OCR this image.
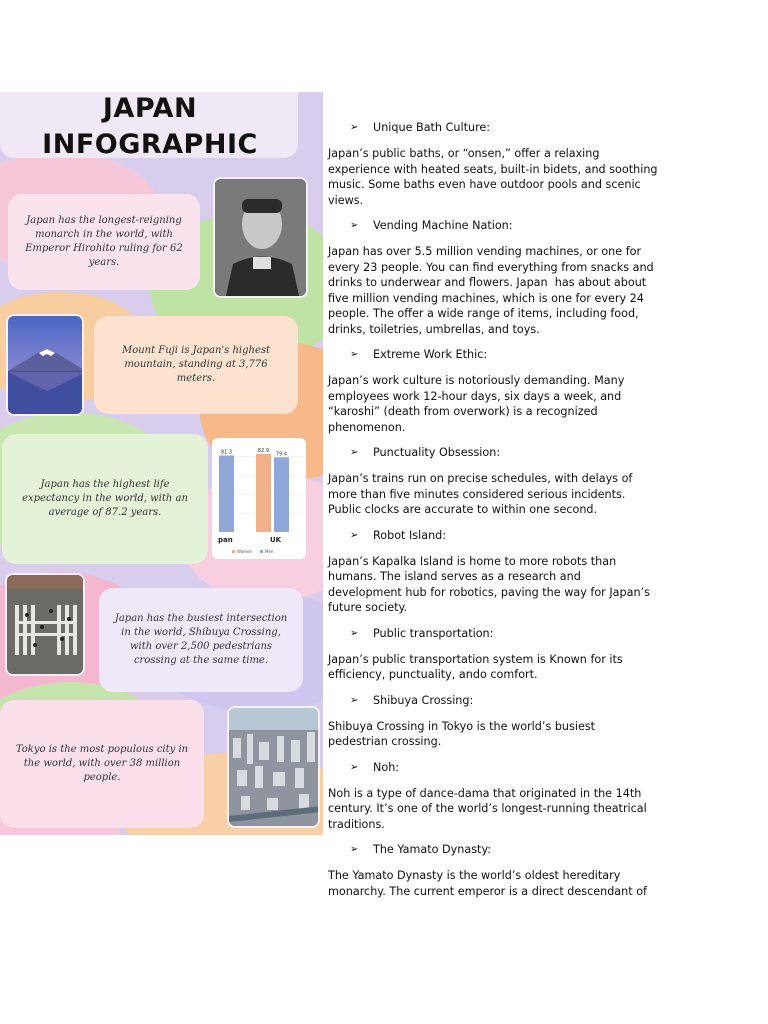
JAPAN
INFOGRAPHIC
Japan has the longest-reigning monarch in the world, with Emperor Hirohito ruling for 62 years.
Mount Fuji is Japan's highest mountain, standing at 3,776 meters.
Japan has the highest life expectancy in the world, with an average of 87.2 years.
81.3	82.9
79.4
pan	UK
Women	Men
Japan has the busiest intersection in the world, Shibuya Crossing, with over 2,500 pedestrians crossing at the same time.
Tokyo is the most populous city in the world, with over 38 million people.
➢	Unique Bath Culture:
Japan’s public baths, or “onsen,” offer a relaxing
experience with heated seats, built-in bidets, and soothing
music. Some baths even have outdoor pools and scenic
views.
➢	Vending Machine Nation:
Japan has over 5.5 million vending machines, or one for
every 23 people. You can find everything from snacks and
drinks to underwear and flowers. Japan  has about about
five million vending machines, which is one for every 24
people. The offer a wide range of items, including food,
drinks, toiletries, umbrellas, and toys.
➢	Extreme Work Ethic:
Japan’s work culture is notoriously demanding. Many
employees work 12-hour days, six days a week, and
“karoshi” (death from overwork) is a recognized
phenomenon.
➢	Punctuality Obsession:
Japan’s trains run on precise schedules, with delays of
more than five minutes considered serious incidents.
Public clocks are accurate to within one second.
➢	Robot Island:
Japan’s Kapalka Island is home to more robots than
humans. The island serves as a research and
development hub for robotics, paving the way for Japan’s
future society.
➢	Public transportation:
Japan’s public transportation system is Known for its
efficiency, punctuality, ando comfort.
➢	Shibuya Crossing:
Shibuya Crossing in Tokyo is the world’s busiest
pedestrian crossing.
➢	Noh:
Noh is a type of dance-dama that originated in the 14th
century. It’s one of the world’s longest-running theatrical
traditions.
➢	The Yamato Dynasty:
The Yamato Dynasty is the world’s oldest hereditary
monarchy. The current emperor is a direct descendant of
